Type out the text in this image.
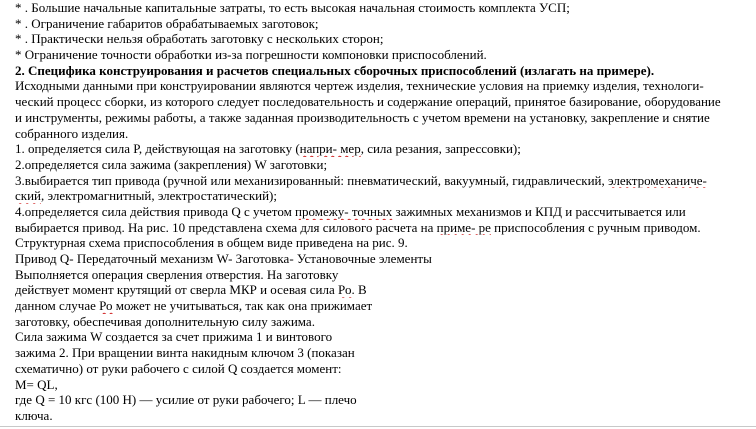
* . Большие начальные капитальные затраты, то есть высокая начальная стоимость комплекта УСП;
* . Ограничение габаритов обрабатываемых заготовок;
* . Практически нельзя обработать заготовку с нескольких сторон;
* Ограничение точности обработки из-за погрешности компоновки приспособлений.
2. Специфика конструирования и расчетов специальных сборочных приспособлений (излагать на примере).
Исходными данными при конструировании являются чертеж изделия, технические условия на приемку изделия, технологи-
ческий процесс сборки, из которого следует последовательность и содержание операций, принятое базирование, оборудование
и инструменты, режимы работы, а также заданная производительность с учетом времени на установку, закрепление и снятие
собранного изделия.
1. определяется сила Р, действующая на заготовку (напри- мер, сила резания, запрессовки);
2.определяется сила зажима (закрепления) W заготовки;
3.выбирается тип привода (ручной или механизированный: пневматический, вакуумный, гидравлический, электромеханиче-
ский, электромагнитный, электростатический);
4.определяется сила действия привода Q с учетом промежу- точных зажимных механизмов и КПД и рассчитывается или
выбирается привод. На рис. 10 представлена схема для силового расчета на приме- ре приспособления с ручным приводом.
Структурная схема приспособления в общем виде приведена на рис. 9.
Привод Q- Передаточный механизм W- Заготовка- Установочные элементы
Выполняется операция сверления отверстия. На заготовку
действует момент крутящий от сверла МКР и осевая сила Ро. В
данном случае Ро может не учитываться, так как она прижимает
заготовку, обеспечивая дополнительную силу зажима.
Сила зажима W создается за счет прижима 1 и винтового
зажима 2. При вращении винта накидным ключом 3 (показан
схематично) от руки рабочего с силой Q создается момент:
M= QL,
где Q = 10 кгс (100 Н) — усилие от руки рабочего; L — плечо
ключа.
